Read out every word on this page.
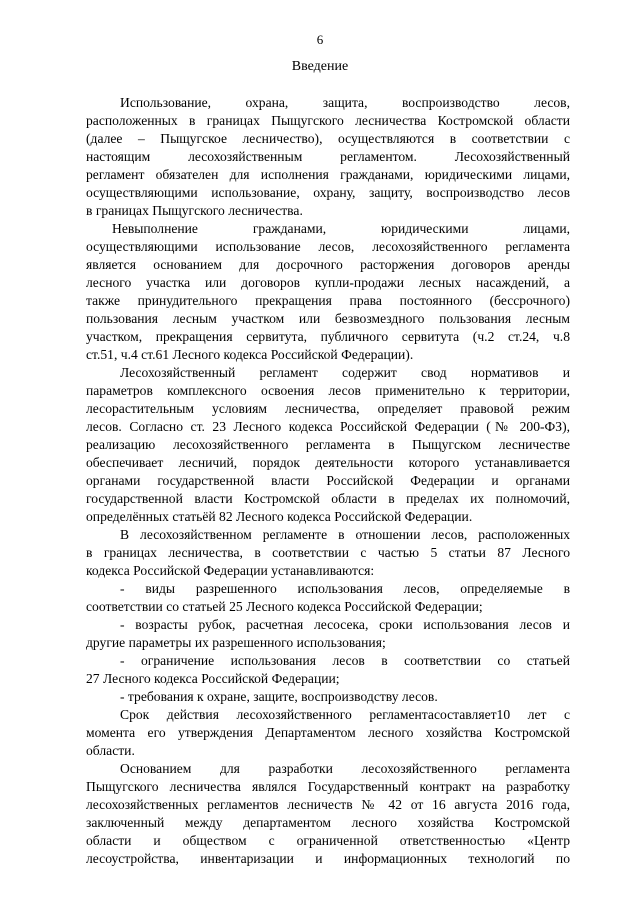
6
Введение
Использование, охрана, защита, воспроизводство лесов,
расположенных в границах Пыщугского лесничества Костромской области
(далее – Пыщугское лесничество), осуществляются в соответствии с
настоящим лесохозяйственным регламентом. Лесохозяйственный
регламент обязателен для исполнения гражданами, юридическими лицами,
осуществляющими использование, охрану, защиту, воспроизводство лесов
в границах Пыщугского лесничества.
Невыполнение гражданами, юридическими лицами,
осуществляющими использование лесов, лесохозяйственного регламента
является основанием для досрочного расторжения договоров аренды
лесного участка или договоров купли-продажи лесных насаждений, а
также принудительного прекращения права постоянного (бессрочного)
пользования лесным участком или безвозмездного пользования лесным
участком, прекращения сервитута, публичного сервитута (ч.2 ст.24, ч.8
ст.51, ч.4 ст.61 Лесного кодекса Российской Федерации).
Лесохозяйственный регламент содержит свод нормативов и
параметров комплексного освоения лесов применительно к территории,
лесорастительным условиям лесничества, определяет правовой режим
лесов. Согласно ст. 23 Лесного кодекса Российской Федерации (№ 200-ФЗ),
реализацию лесохозяйственного регламента в Пыщугском лесничестве
обеспечивает лесничий, порядок деятельности которого устанавливается
органами государственной власти Российской Федерации и органами
государственной власти Костромской области в пределах их полномочий,
определённых статьёй 82 Лесного кодекса Российской Федерации.
В лесохозяйственном регламенте в отношении лесов, расположенных
в границах лесничества, в соответствии с частью 5 статьи 87 Лесного
кодекса Российской Федерации устанавливаются:
- виды разрешенного использования лесов, определяемые в
соответствии со статьей 25 Лесного кодекса Российской Федерации;
- возрасты рубок, расчетная лесосека, сроки использования лесов и
другие параметры их разрешенного использования;
- ограничение использования лесов в соответствии со статьей
27 Лесного кодекса Российской Федерации;
- требования к охране, защите, воспроизводству лесов.
Срок действия лесохозяйственного регламентасоставляет10 лет с
момента его утверждения Департаментом лесного хозяйства Костромской
области.
Основанием для разработки лесохозяйственного регламента
Пыщугского лесничества являлся Государственный контракт на разработку
лесохозяйственных регламентов лесничеств № 42 от 16 августа 2016 года,
заключенный между департаментом лесного хозяйства Костромской
области и обществом с ограниченной ответственностью «Центр
лесоустройства, инвентаризации и информационных технологий по
